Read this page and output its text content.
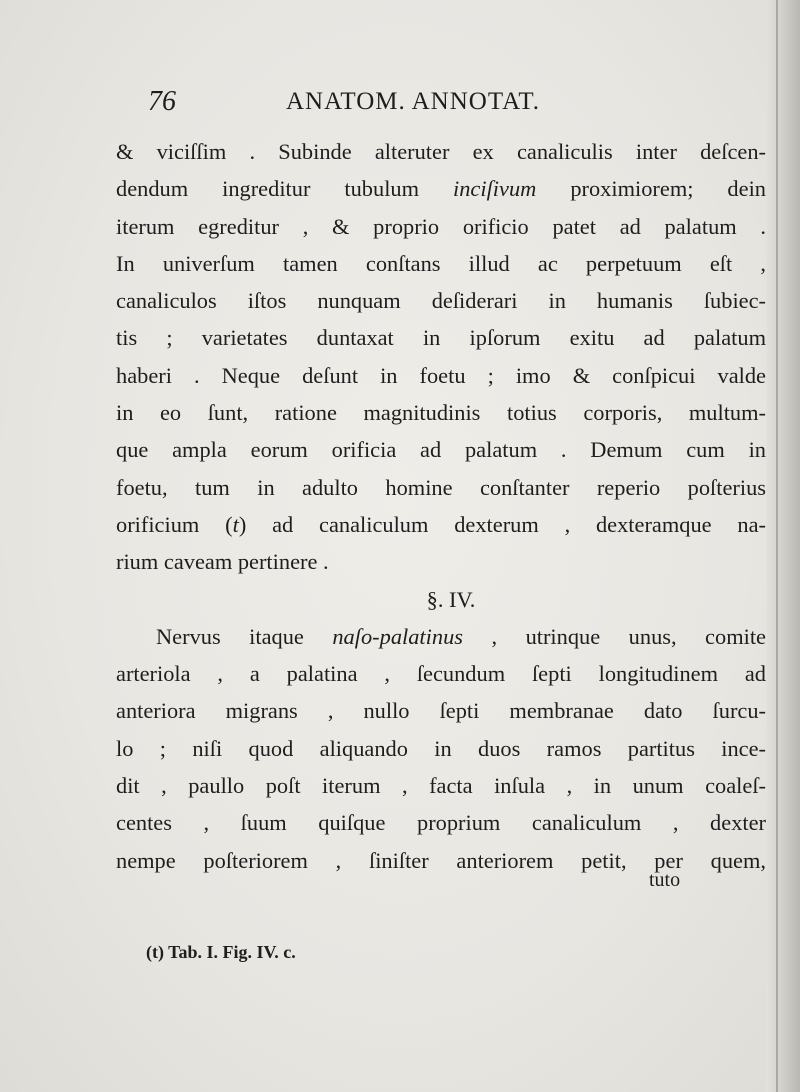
76	ANATOM. ANNOTAT.
& viciſſim . Subinde alteruter ex canaliculis inter deſcen-
dendum ingreditur tubulum inciſivum proximiorem; dein
iterum egreditur , & proprio orificio patet ad palatum .
In univerſum tamen conſtans illud ac perpetuum eſt ,
canaliculos iſtos nunquam deſiderari in humanis ſubiec-
tis ; varietates duntaxat in ipſorum exitu ad palatum
haberi . Neque deſunt in foetu ; imo & conſpicui valde
in eo ſunt, ratione magnitudinis totius corporis, multum-
que ampla eorum orificia ad palatum . Demum cum in
foetu, tum in adulto homine conſtanter reperio poſterius
orificium (t) ad canaliculum dexterum , dexteramque na-
rium caveam pertinere .
§. IV.
Nervus itaque naſo-palatinus , utrinque unus, comite
arteriola , a palatina , ſecundum ſepti longitudinem ad
anteriora migrans , nullo ſepti membranae dato ſurcu-
lo ; niſi quod aliquando in duos ramos partitus ince-
dit , paullo poſt iterum , facta inſula , in unum coaleſ-
centes , ſuum quiſque proprium canaliculum , dexter
nempe poſteriorem , ſiniſter anteriorem petit, per quem,
tuto
(t) Tab. I. Fig. IV. c.
